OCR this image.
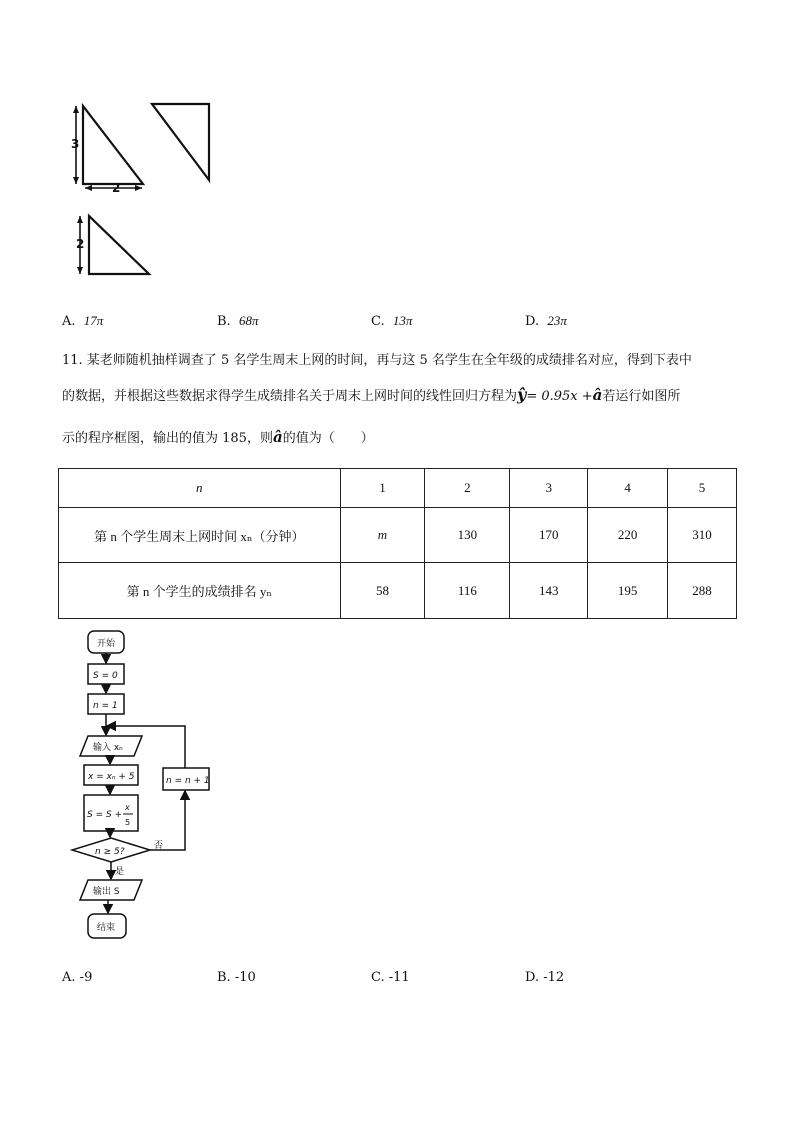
3
2
2
A. 17π	B. 68π	C. 13π	D. 23π
11. 某老师随机抽样调查了 5 名学生周末上网的时间，再与这 5 名学生在全年级的成绩排名对应，得到下表中
的数据，并根据这些数据求得学生成绩排名关于周末上网时间的线性回归方程为ŷ= 0.95x +â若运行如图所
示的程序框图，输出的值为 185，则â的值为（　　）
n	1	2	3	4	5
第 n 个学生周末上网时间 xₙ（分钟）	m	130	170	220	310
第 n 个学生的成绩排名 yₙ	58	116	143	195	288
开始
S = 0
n = 1
输入 xₙ
x = xₙ + 5
S = S +
x
5
n ≥ 5?
否
是
n = n + 1
输出 S
结束
A. -9	B. -10	C. -11	D. -12
